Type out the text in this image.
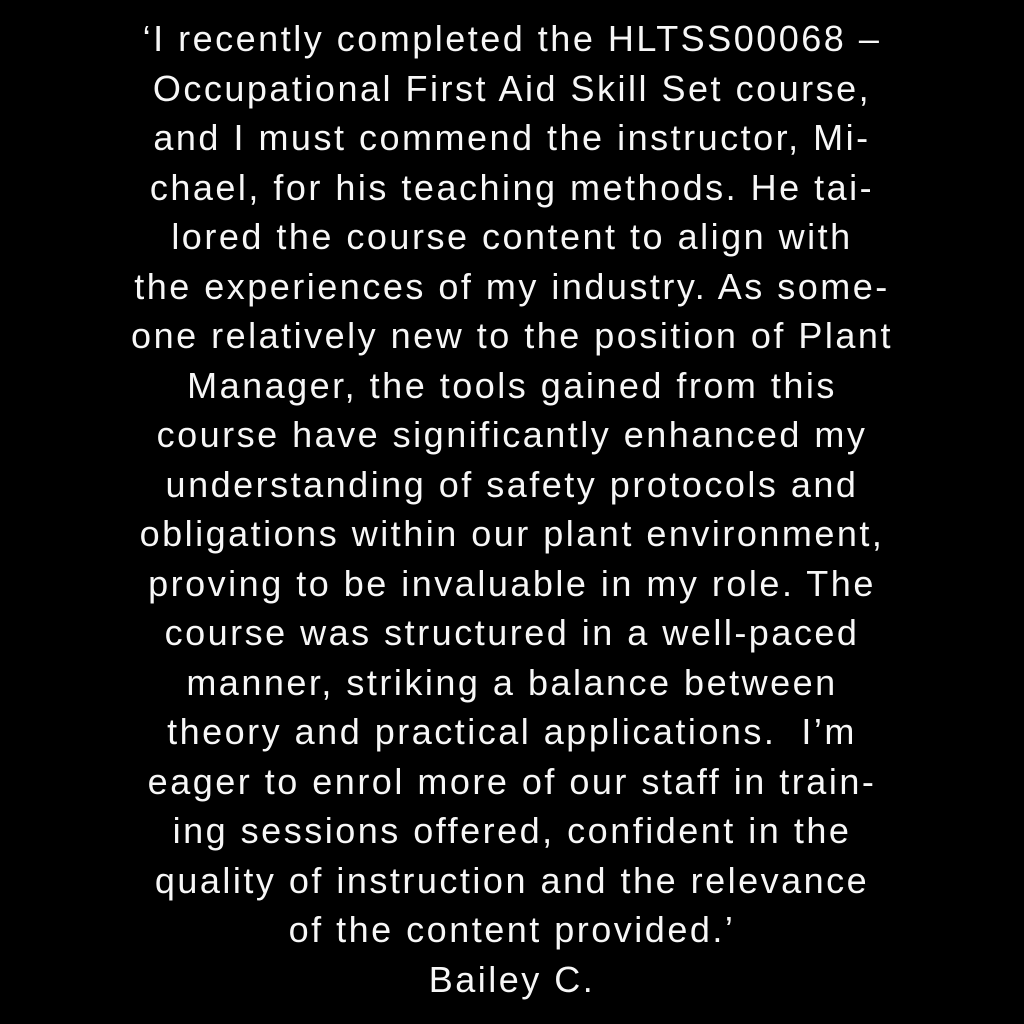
‘I recently completed the HLTSS00068 –
Occupational First Aid Skill Set course,
and I must commend the instructor, Mi-
chael, for his teaching methods. He tai-
lored the course content to align with
the experiences of my industry. As some-
one relatively new to the position of Plant
Manager, the tools gained from this
course have significantly enhanced my
understanding of safety protocols and
obligations within our plant environment,
proving to be invaluable in my role. The
course was structured in a well-paced
manner, striking a balance between
theory and practical applications.  I’m
eager to enrol more of our staff in train-
ing sessions offered, confident in the
quality of instruction and the relevance
of the content provided.’
Bailey C.
